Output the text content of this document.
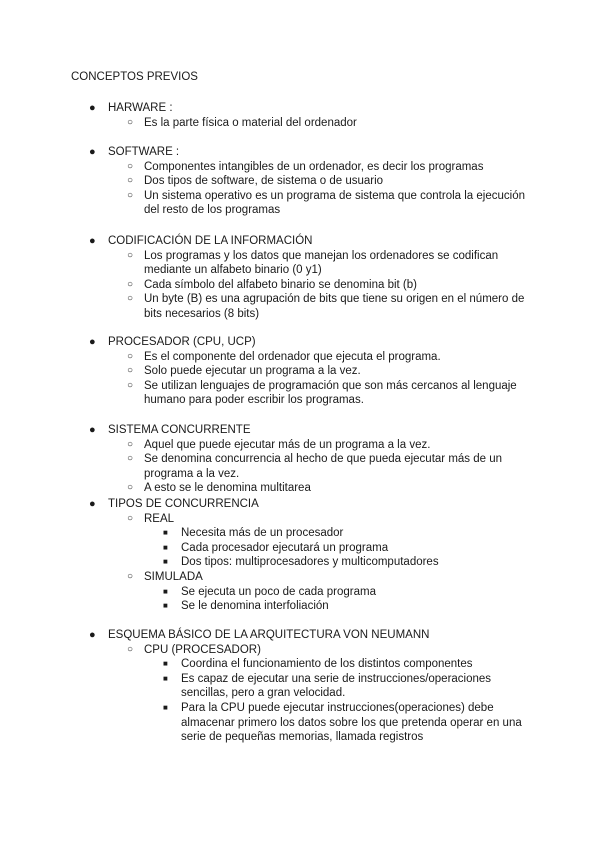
CONCEPTOS PREVIOS
● HARWARE :
○ Es la parte física o material del ordenador
● SOFTWARE :
○ Componentes intangibles de un ordenador, es decir los programas
○ Dos tipos de software, de sistema o de usuario
○ Un sistema operativo es un programa de sistema que controla la ejecución
del resto de los programas
● CODIFICACIÓN DE LA INFORMACIÓN
○ Los programas y los datos que manejan los ordenadores se codifican
mediante un alfabeto binario (0 y1)
○ Cada símbolo del alfabeto binario se denomina bit (b)
○ Un byte (B) es una agrupación de bits que tiene su origen en el número de
bits necesarios (8 bits)
● PROCESADOR (CPU, UCP)
○ Es el componente del ordenador que ejecuta el programa.
○ Solo puede ejecutar un programa a la vez.
○ Se utilizan lenguajes de programación que son más cercanos al lenguaje
humano para poder escribir los programas.
● SISTEMA CONCURRENTE
○ Aquel que puede ejecutar más de un programa a la vez.
○ Se denomina concurrencia al hecho de que pueda ejecutar más de un
programa a la vez.
○ A esto se le denomina multitarea
● TIPOS DE CONCURRENCIA
○ REAL
■ Necesita más de un procesador
■ Cada procesador ejecutará un programa
■ Dos tipos: multiprocesadores y multicomputadores
○ SIMULADA
■ Se ejecuta un poco de cada programa
■ Se le denomina interfoliación
● ESQUEMA BÁSICO DE LA ARQUITECTURA VON NEUMANN
○ CPU (PROCESADOR)
■ Coordina el funcionamiento de los distintos componentes
■ Es capaz de ejecutar una serie de instrucciones/operaciones
sencillas, pero a gran velocidad.
■ Para la CPU puede ejecutar instrucciones(operaciones) debe
almacenar primero los datos sobre los que pretenda operar en una
serie de pequeñas memorias, llamada registros
